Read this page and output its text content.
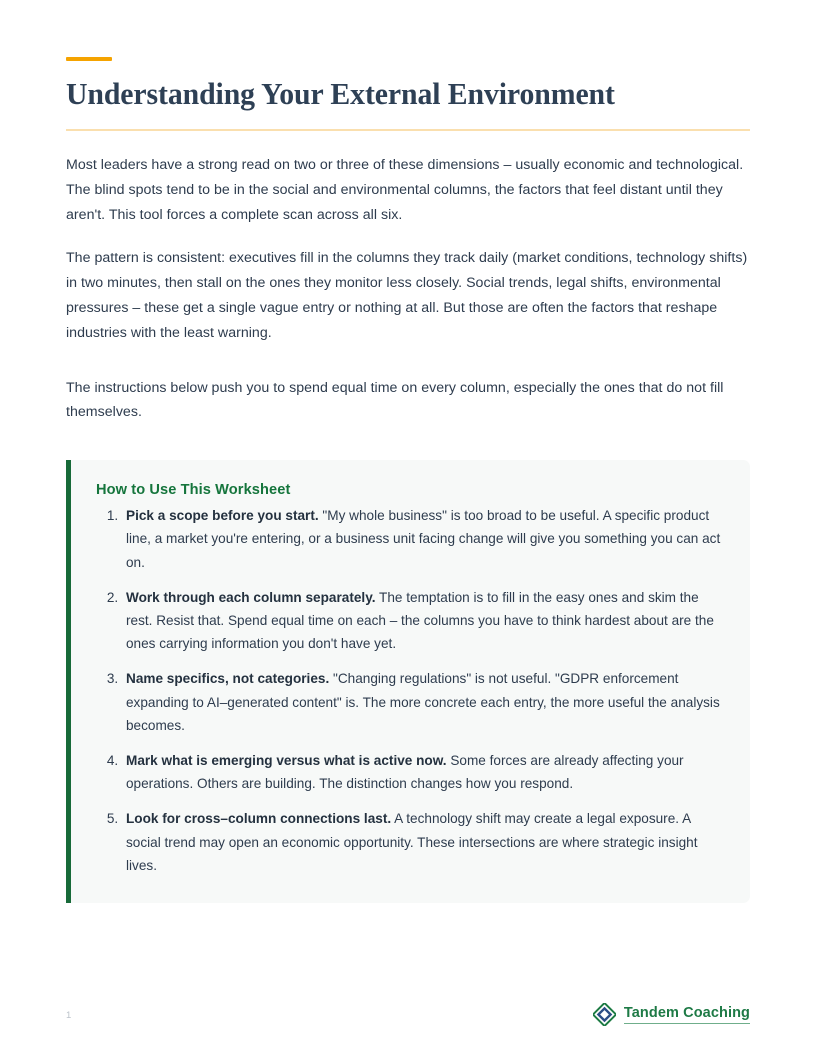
Understanding Your External Environment

Most leaders have a strong read on two or three of these dimensions – usually economic and technological. The blind spots tend to be in the social and environmental columns, the factors that feel distant until they aren't. This tool forces a complete scan across all six.

The pattern is consistent: executives fill in the columns they track daily (market conditions, technology shifts) in two minutes, then stall on the ones they monitor less closely. Social trends, legal shifts, environmental pressures – these get a single vague entry or nothing at all. But those are often the factors that reshape industries with the least warning.

The instructions below push you to spend equal time on every column, especially the ones that do not fill themselves.

How to Use This Worksheet
1. Pick a scope before you start. "My whole business" is too broad to be useful. A specific product line, a market you're entering, or a business unit facing change will give you something you can act on.
2. Work through each column separately. The temptation is to fill in the easy ones and skim the rest. Resist that. Spend equal time on each – the columns you have to think hardest about are the ones carrying information you don't have yet.
3. Name specifics, not categories. "Changing regulations" is not useful. "GDPR enforcement expanding to AI–generated content" is. The more concrete each entry, the more useful the analysis becomes.
4. Mark what is emerging versus what is active now. Some forces are already affecting your operations. Others are building. The distinction changes how you respond.
5. Look for cross–column connections last. A technology shift may create a legal exposure. A social trend may open an economic opportunity. These intersections are where strategic insight lives.
1	Tandem Coaching
